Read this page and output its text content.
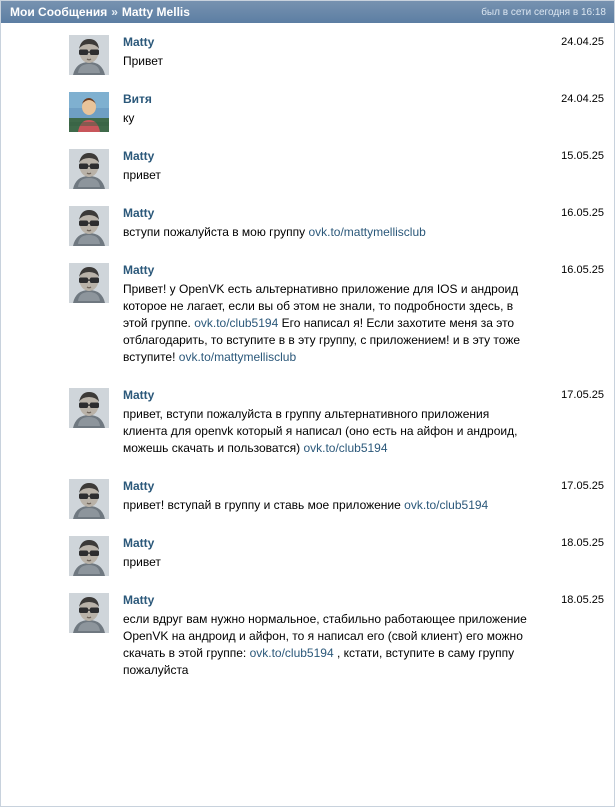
Мои Сообщения » Matty Mellis	был в сети сегодня в 16:18
Matty
Привет
24.04.25
Витя
ку
24.04.25
Matty
привет
15.05.25
Matty
вступи пожалуйста в мою группу ovk.to/mattymellisclub
16.05.25
Matty
Привет! у OpenVK есть альтернативно приложение для IOS и андроид которое не лагает, если вы об этом не знали, то подробности здесь, в этой группе. ovk.to/club5194 Его написал я! Если захотите меня за это отблагодарить, то вступите в в эту группу, с приложением! и в эту тоже вступите! ovk.to/mattymellisclub
16.05.25
Matty
привет, вступи пожалуйста в группу альтернативного приложения клиента для openvk который я написал (оно есть на айфон и андроид, можешь скачать и пользоватся) ovk.to/club5194
17.05.25
Matty
привет! вступай в группу и ставь мое приложение ovk.to/club5194
17.05.25
Matty
привет
18.05.25
Matty
если вдруг вам нужно нормальное, стабильно работающее приложение OpenVK на андроид и айфон, то я написал его (свой клиент) его можно скачать в этой группе: ovk.to/club5194 , кстати, вступите в саму группу пожалуйста
18.05.25
